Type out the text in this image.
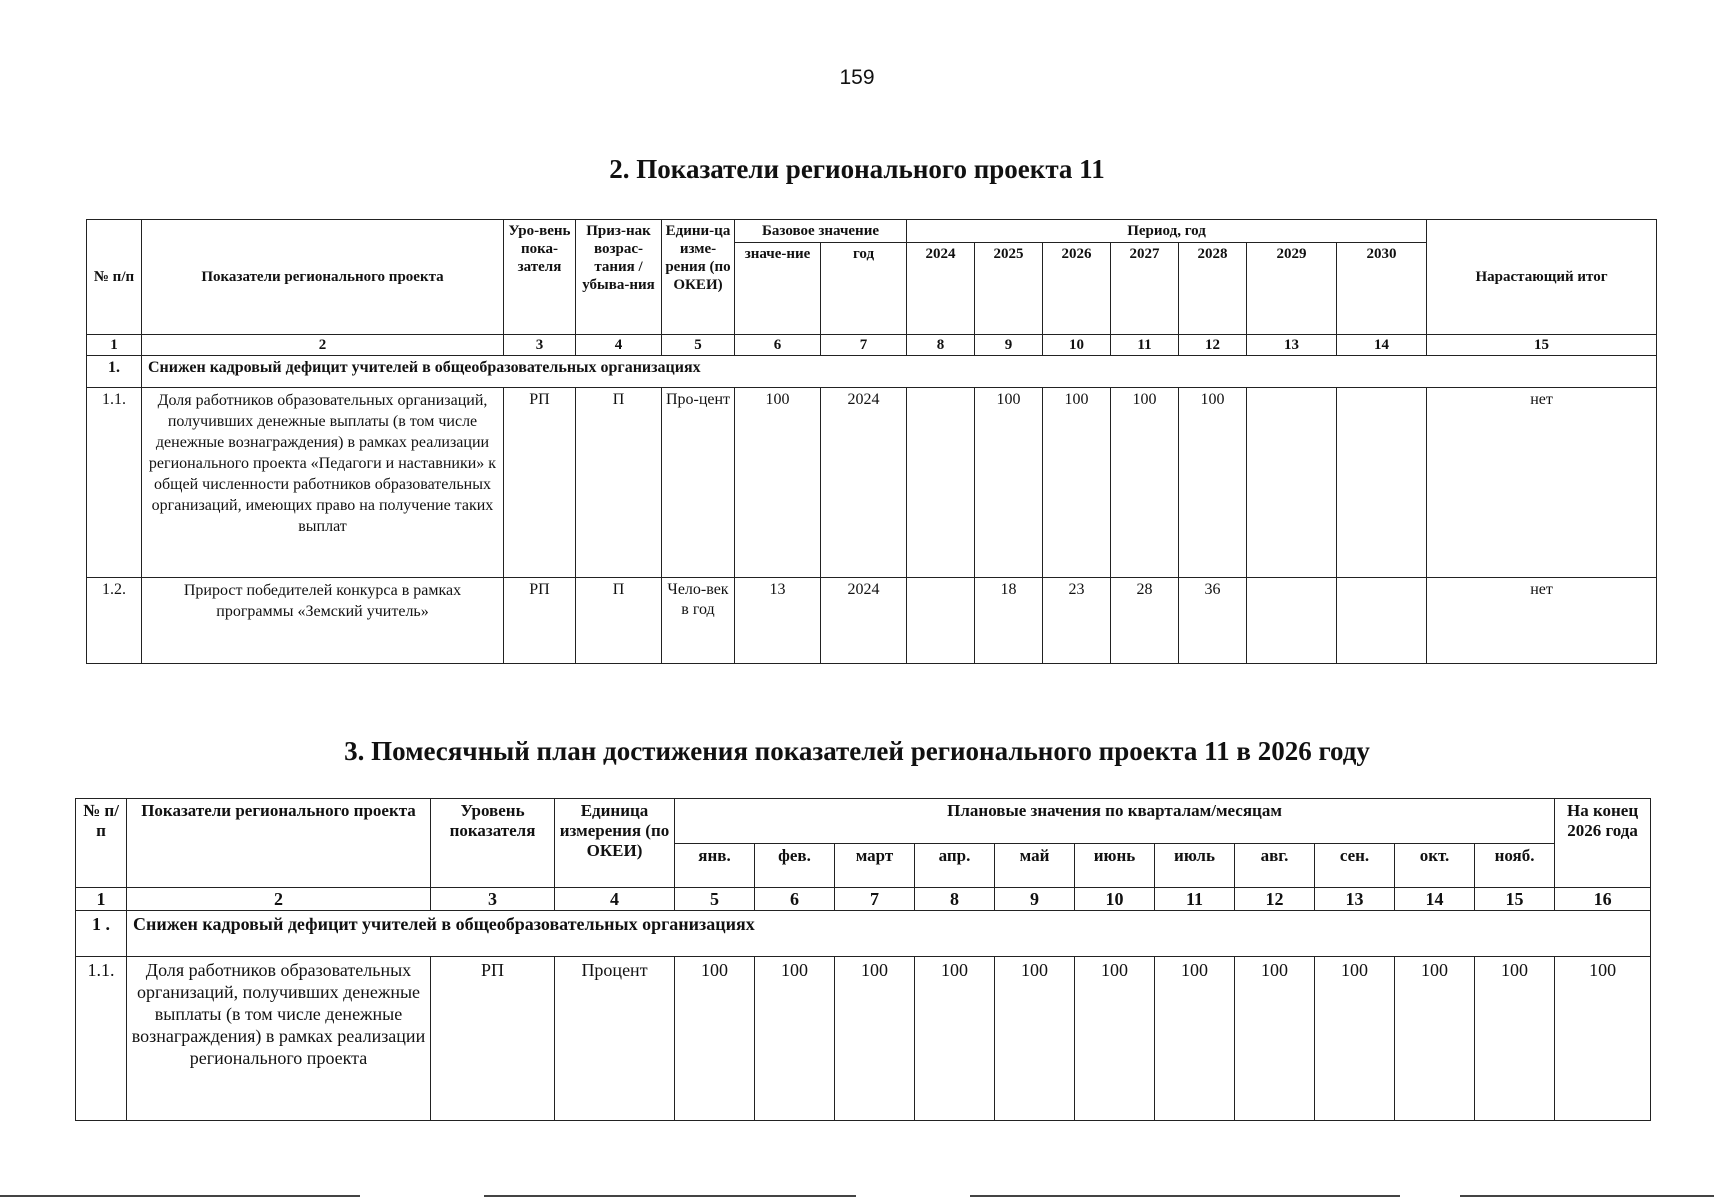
159
2. Показатели регионального проекта 11
№ п/п	Показатели регионального проекта	Уро-вень пока-зателя	Приз-нак возрас-тания / убыва-ния	Едини-ца изме-рения (по ОКЕИ)	Базовое значение		Период, год							Нарастающий итог
					значе-ние	год	2024	2025	2026	2027	2028	2029	2030	
1	2	3	4	5	6	7	8	9	10	11	12	13	14	15
1.	Снижен кадровый дефицит учителей в общеобразовательных организациях													
1.1.	Доля работников образовательных организаций, получивших денежные выплаты (в том числе денежные вознаграждения) в рамках реализации регионального проекта «Педагоги и наставники» к общей численности работников образовательных организаций, имеющих право на получение таких выплат	РП	П	Про-цент	100	2024		100	100	100	100			нет
1.2.	Прирост победителей конкурса в рамках программы «Земский учитель»	РП	П	Чело-век в год	13	2024		18	23	28	36			нет
3. Помесячный план достижения показателей регионального проекта 11 в 2026 году
№ п/п	Показатели регионального проекта	Уровень показателя	Единица измерения (по ОКЕИ)	Плановые значения по кварталам/месяцам											На конец 2026 года
				янв.	фев.	март	апр.	май	июнь	июль	авг.	сен.	окт.	нояб.	
1	2	3	4	5	6	7	8	9	10	11	12	13	14	15	16
1 .	Снижен кадровый дефицит учителей в общеобразовательных организациях														
1.1.	Доля работников образовательных организаций, получивших денежные выплаты (в том числе денежные вознаграждения) в рамках реализации регионального проекта	РП	Процент	100	100	100	100	100	100	100	100	100	100	100	100
